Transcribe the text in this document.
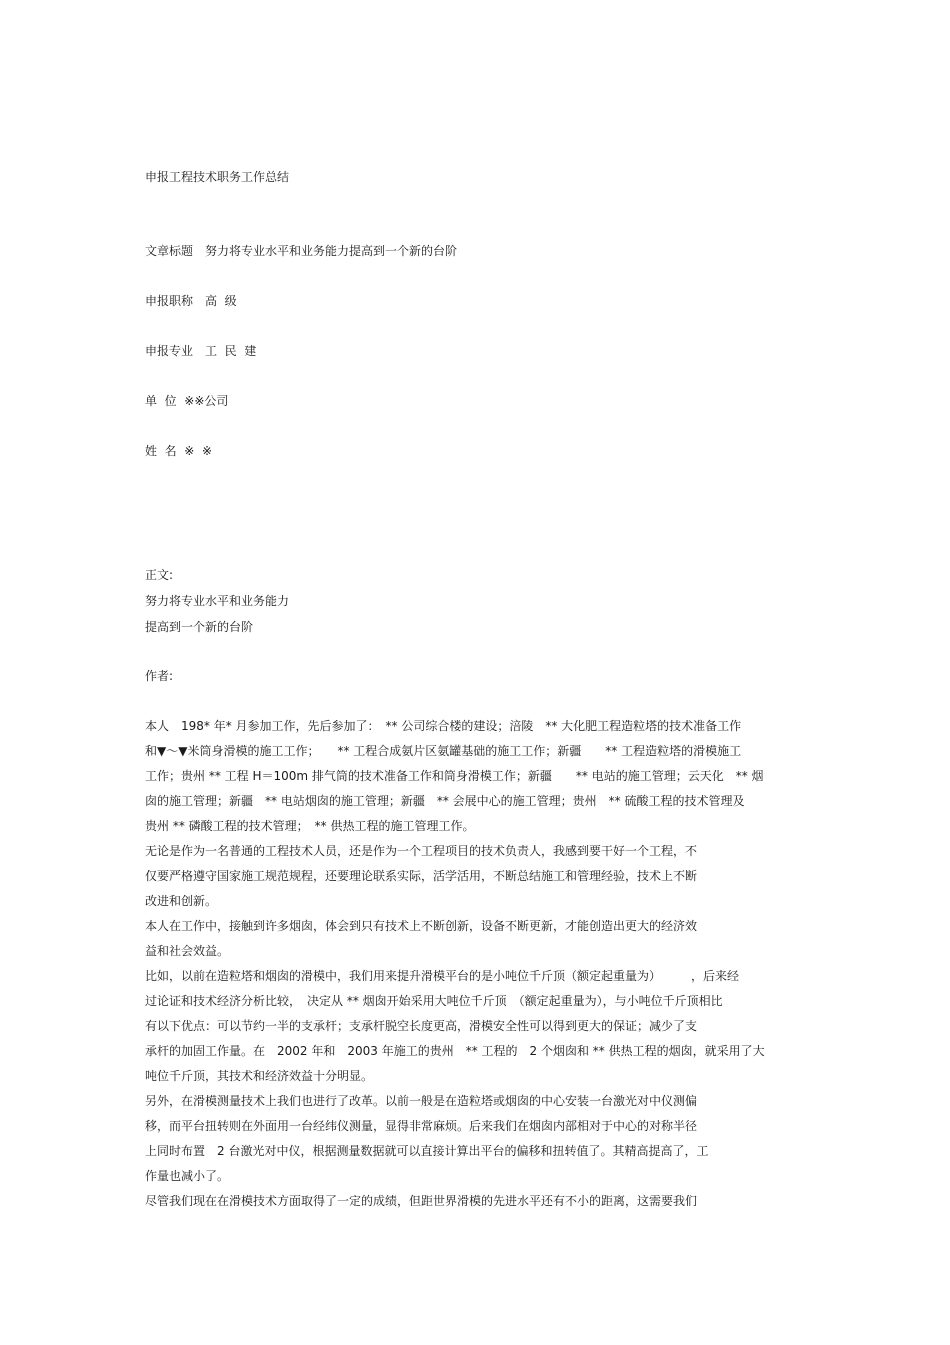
申报工程技术职务工作总结

文章标题　努力将专业水平和业务能力提高到一个新的台阶

申报职称　高  级

申报专业　工  民  建

单  位  ※※公司

姓  名  ※  ※

正文:

努力将专业水平和业务能力

提高到一个新的台阶

作者:

本人　198* 年* 月参加工作，先后参加了：　** 公司综合楼的建设；涪陵　** 大化肥工程造粒塔的技术准备工作

和▼～▼米筒身滑模的施工工作；　　** 工程合成氨片区氨罐基础的施工工作；新疆　　** 工程造粒塔的滑模施工

工作；贵州 ** 工程 H＝100m 排气筒的技术准备工作和筒身滑模工作；新疆　　** 电站的施工管理；云天化　** 烟

囱的施工管理；新疆　** 电站烟囱的施工管理；新疆　** 会展中心的施工管理；贵州　** 硫酸工程的技术管理及

贵州 ** 磷酸工程的技术管理；　** 供热工程的施工管理工作。

无论是作为一名普通的工程技术人员，还是作为一个工程项目的技术负责人，我感到要干好一个工程，不

仅要严格遵守国家施工规范规程，还要理论联系实际，活学活用，不断总结施工和管理经验，技术上不断

改进和创新。

本人在工作中，接触到许多烟囱，体会到只有技术上不断创新，设备不断更新，才能创造出更大的经济效

益和社会效益。

比如，以前在造粒塔和烟囱的滑模中，我们用来提升滑模平台的是小吨位千斤顶（额定起重量为）　　　，后来经

过论证和技术经济分析比较，　决定从 ** 烟囱开始采用大吨位千斤顶　（额定起重量为），与小吨位千斤顶相比

有以下优点：可以节约一半的支承杆；支承杆脱空长度更高，滑模安全性可以得到更大的保证；减少了支

承杆的加固工作量。在　2002 年和　2003 年施工的贵州　** 工程的　2 个烟囱和 ** 供热工程的烟囱，就采用了大

吨位千斤顶，其技术和经济效益十分明显。

另外，在滑模测量技术上我们也进行了改革。以前一般是在造粒塔或烟囱的中心安装一台激光对中仪测偏

移，而平台扭转则在外面用一台经纬仪测量，显得非常麻烦。后来我们在烟囱内部相对于中心的对称半径

上同时布置　2 台激光对中仪，根据测量数据就可以直接计算出平台的偏移和扭转值了。其精高提高了，工

作量也减小了。

尽管我们现在在滑模技术方面取得了一定的成绩，但距世界滑模的先进水平还有不小的距离，这需要我们
